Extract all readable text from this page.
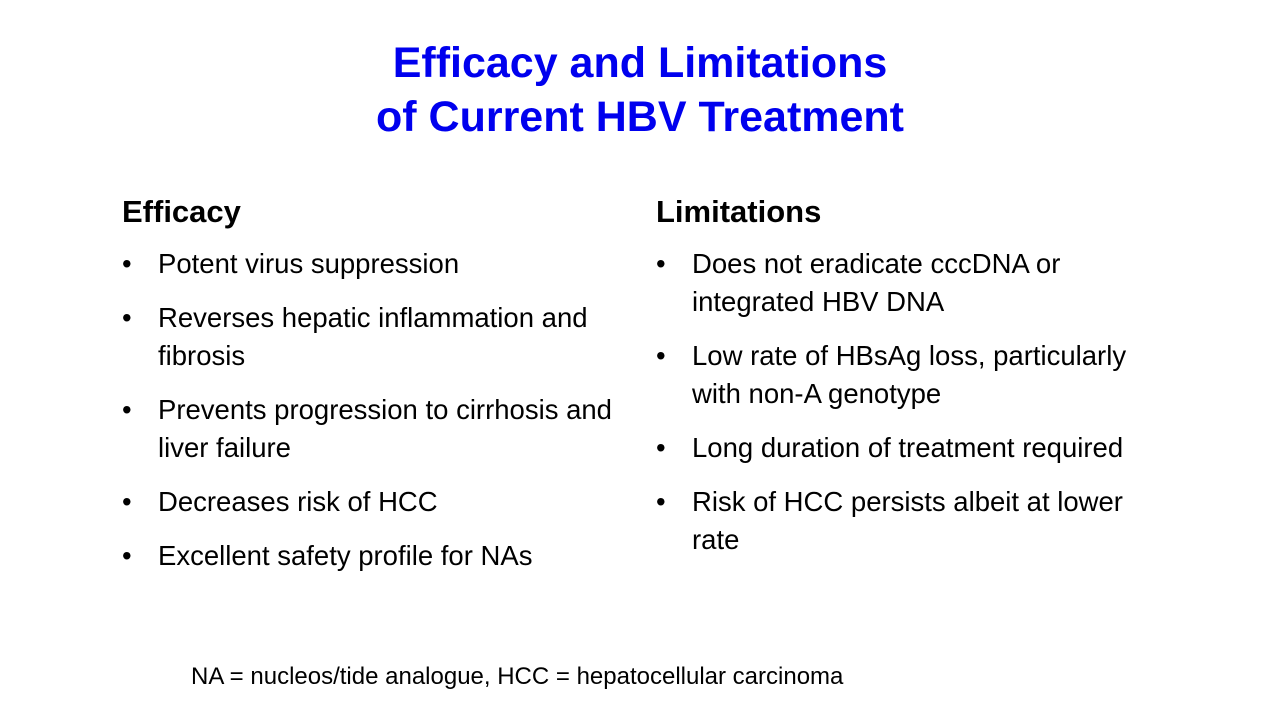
Efficacy and Limitations
of Current HBV Treatment
Efficacy
• Potent virus suppression
• Reverses hepatic inflammation and fibrosis
• Prevents progression to cirrhosis and liver failure
• Decreases risk of HCC
• Excellent safety profile for NAs
Limitations
• Does not eradicate cccDNA or integrated HBV DNA
• Low rate of HBsAg loss, particularly with non-A genotype
• Long duration of treatment required
• Risk of HCC persists albeit at lower rate
NA = nucleos/tide analogue, HCC = hepatocellular carcinoma
